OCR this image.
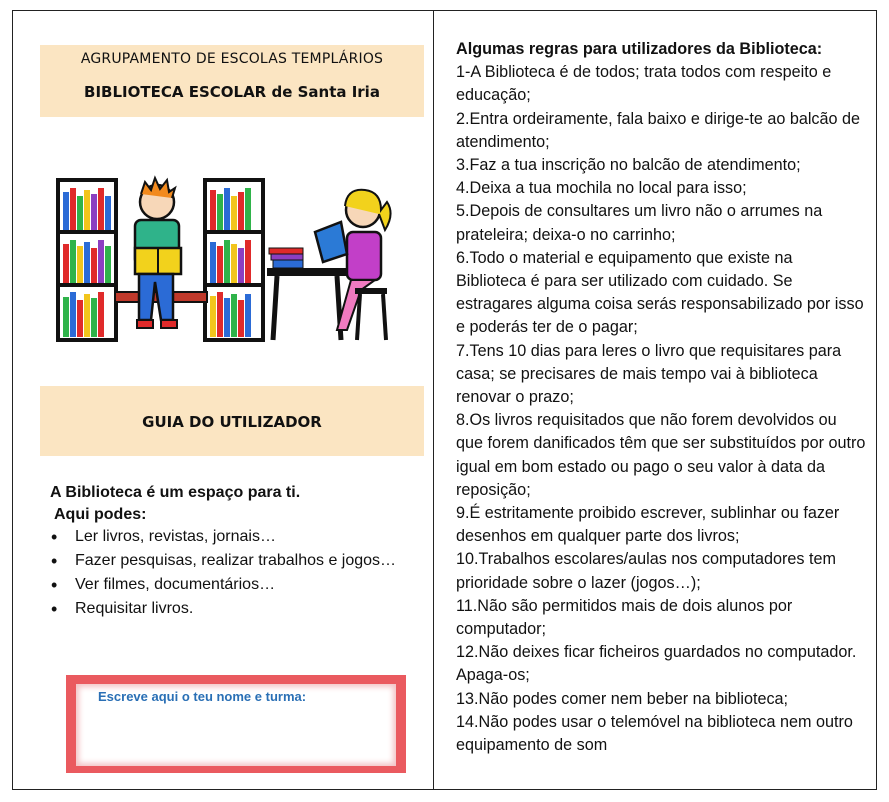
AGRUPAMENTO DE ESCOLAS TEMPLÁRIOS
BIBLIOTECA ESCOLAR de Santa Iria
GUIA DO UTILIZADOR
A Biblioteca é um espaço para ti.
Aqui podes:
• Ler livros, revistas, jornais…
• Fazer pesquisas, realizar trabalhos e jogos…
• Ver filmes, documentários…
• Requisitar livros.
Escreve aqui o teu nome e turma:
Algumas regras para utilizadores da Biblioteca:
1-A Biblioteca é de todos; trata todos com respeito e educação;
2.Entra ordeiramente, fala baixo e dirige-te ao balcão de atendimento;
3.Faz a tua inscrição no balcão de atendimento;
4.Deixa a tua mochila no local para isso;
5.Depois de consultares um livro não o arrumes na prateleira; deixa-o no carrinho;
6.Todo o material e equipamento que existe na Biblioteca é para ser utilizado com cuidado. Se estragares alguma coisa serás responsabilizado por isso e poderás ter de o pagar;
7.Tens 10 dias para leres o livro que requisitares para casa; se precisares de mais tempo vai à biblioteca renovar o prazo;
8.Os livros requisitados que não forem devolvidos ou que forem danificados têm que ser substituídos por outro igual em bom estado ou pago o seu valor à data da reposição;
9.É estritamente proibido escrever, sublinhar ou fazer desenhos em qualquer parte dos livros;
10.Trabalhos escolares/aulas nos computadores tem prioridade sobre o lazer (jogos…);
11.Não são permitidos mais de dois alunos por computador;
12.Não deixes ficar ficheiros guardados no computador. Apaga-os;
13.Não podes comer nem beber na biblioteca;
14.Não podes usar o telemóvel na biblioteca nem outro equipamento de som
